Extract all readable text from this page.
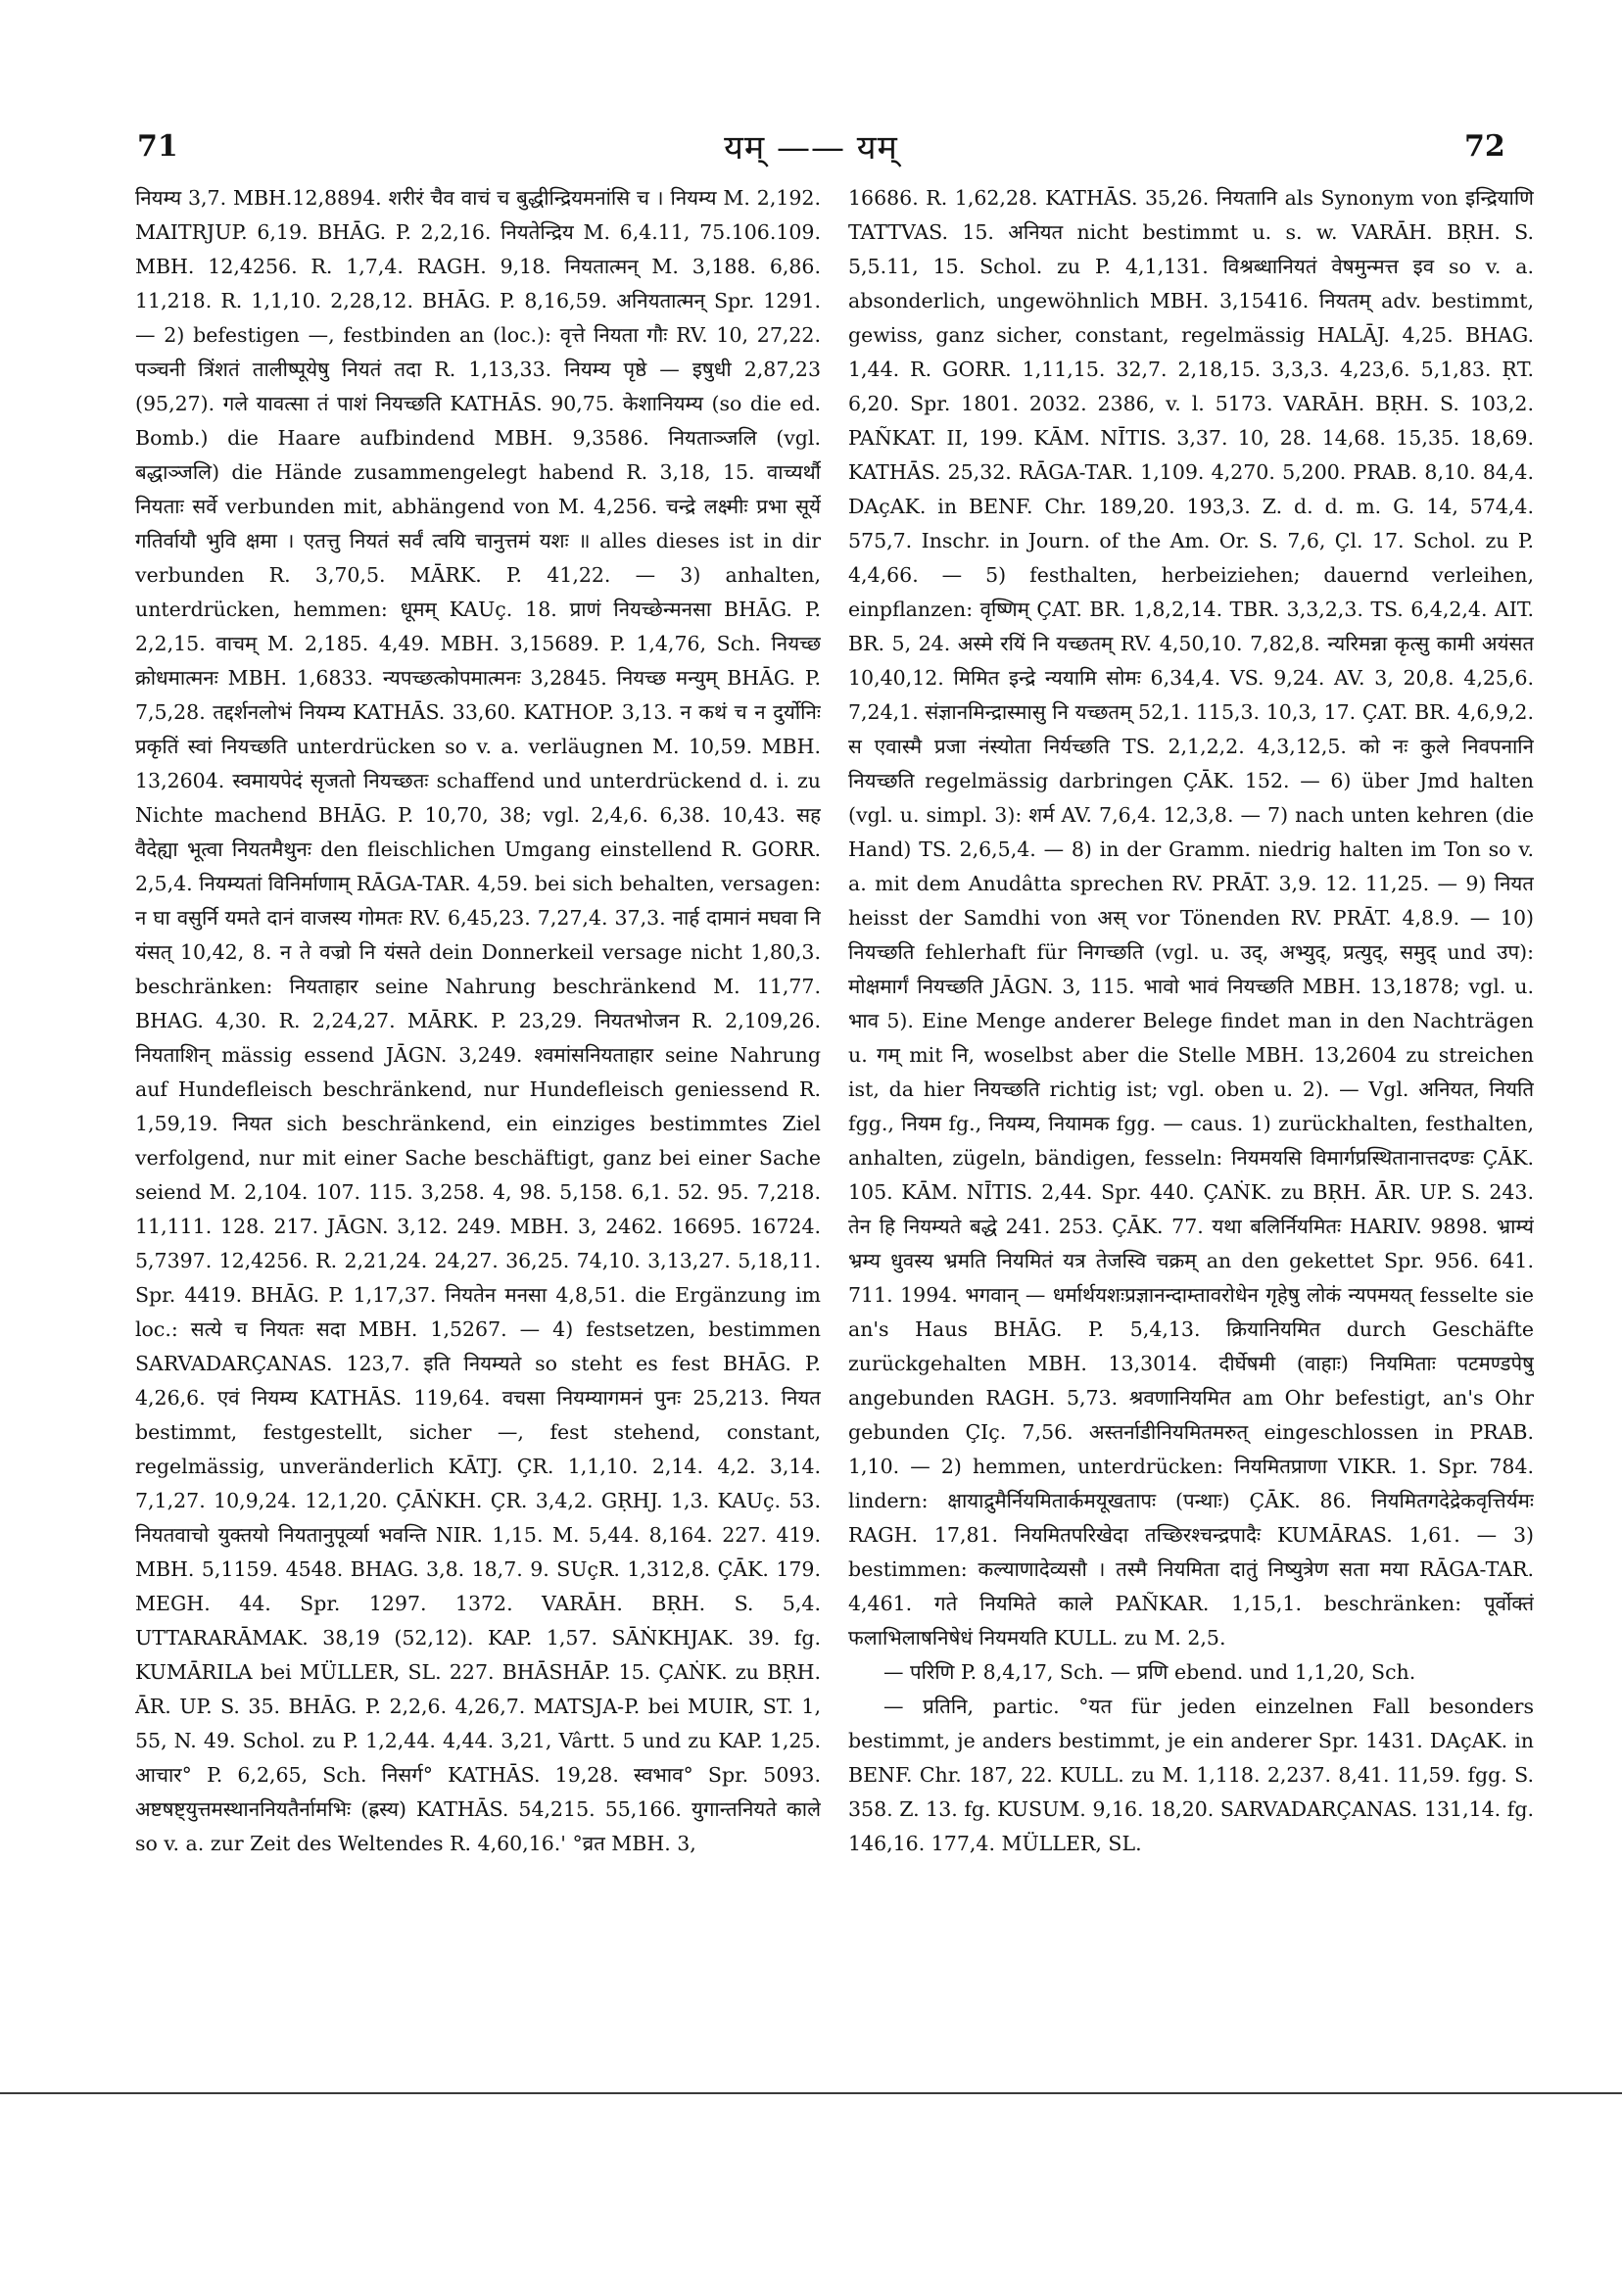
71	यम् —— यम्	72

नियम्य 3,7. MBH.12,8894. शरीरं चैव वाचं च बुद्धीन्द्रियमनांसि च । नियम्य M. 2,192. MAITRJUP. 6,19. BHĀG. P. 2,2,16. नियतेन्द्रिय M. 6,4.11, 75.106.109. MBH. 12,4256. R. 1,7,4. RAGH. 9,18. नियतात्मन् M. 3,188. 6,86. 11,218. R. 1,1,10. 2,28,12. BHĀG. P. 8,16,59. अनियतात्मन् Spr. 1291. — 2) befestigen —, festbinden an (loc.): वृत्ते नियता गौः RV. 10, 27,22. पञ्चनी त्रिंशतं तालीष्पूयेषु नियतं तदा R. 1,13,33. नियम्य पृष्ठे — इषुधी 2,87,23 (95,27). गले यावत्सा तं पाशं नियच्छति KATHĀS. 90,75. केशानियम्य (so die ed. Bomb.) die Haare aufbindend MBH. 9,3586. नियताञ्जलि (vgl. बद्धाञ्जलि) die Hände zusammengelegt habend R. 3,18, 15. वाच्यर्थौ नियताः सर्वे verbunden mit, abhängend von M. 4,256. चन्द्रे लक्ष्मीः प्रभा सूर्ये गतिर्वायौ भुवि क्षमा । एतत्तु नियतं सर्वं त्वयि चानुत्तमं यशः ॥ alles dieses ist in dir verbunden R. 3,70,5. MĀRK. P. 41,22. — 3) anhalten, unterdrücken, hemmen: धूमम् KAUç. 18. प्राणं नियच्छेन्मनसा BHĀG. P. 2,2,15. वाचम् M. 2,185. 4,49. MBH. 3,15689. P. 1,4,76, Sch. नियच्छ क्रोधमात्मनः MBH. 1,6833. न्यपच्छत्कोपमात्मनः 3,2845. नियच्छ मन्युम् BHĀG. P. 7,5,28. तद्दर्शनलोभं नियम्य KATHĀS. 33,60. KATHOP. 3,13. न कथं च न दुर्योनिः प्रकृतिं स्वां नियच्छति unterdrücken so v. a. verläugnen M. 10,59. MBH. 13,2604. स्वमायपेदं सृजतो नियच्छतः schaffend und unterdrückend d. i. zu Nichte machend BHĀG. P. 10,70, 38; vgl. 2,4,6. 6,38. 10,43. सह वैदेह्या भूत्वा नियतमैथुनः den fleischlichen Umgang einstellend R. GORR. 2,5,4. नियम्यतां विनिर्माणाम् RĀGA-TAR. 4,59. bei sich behalten, versagen: न घा वसुर्नि यमते दानं वाजस्य गोमतः RV. 6,45,23. 7,27,4. 37,3. नार्ह दामानं मघवा नि यंसत् 10,42, 8. न ते वज्रो नि यंसते dein Donnerkeil versage nicht 1,80,3. beschränken: नियताहार seine Nahrung beschränkend M. 11,77. BHAG. 4,30. R. 2,24,27. MĀRK. P. 23,29. नियतभोजन R. 2,109,26. नियताशिन् mässig essend JĀGN. 3,249. श्वमांसनियताहार seine Nahrung auf Hundefleisch beschränkend, nur Hundefleisch geniessend R. 1,59,19. नियत sich beschränkend, ein einziges bestimmtes Ziel verfolgend, nur mit einer Sache beschäftigt, ganz bei einer Sache seiend M. 2,104. 107. 115. 3,258. 4, 98. 5,158. 6,1. 52. 95. 7,218. 11,111. 128. 217. JĀGN. 3,12. 249. MBH. 3, 2462. 16695. 16724. 5,7397. 12,4256. R. 2,21,24. 24,27. 36,25. 74,10. 3,13,27. 5,18,11. Spr. 4419. BHĀG. P. 1,17,37. नियतेन मनसा 4,8,51. die Ergänzung im loc.: सत्ये च नियतः सदा MBH. 1,5267. — 4) festsetzen, bestimmen SARVADARÇANAS. 123,7. इति नियम्यते so steht es fest BHĀG. P. 4,26,6. एवं नियम्य KATHĀS. 119,64. वचसा नियम्यागमनं पुनः 25,213. नियत bestimmt, festgestellt, sicher —, fest stehend, constant, regelmässig, unveränderlich KĀTJ. ÇR. 1,1,10. 2,14. 4,2. 3,14. 7,1,27. 10,9,24. 12,1,20. ÇĀṄKH. ÇR. 3,4,2. GṚHJ. 1,3. KAUç. 53. नियतवाचो युक्तयो नियतानुपूर्व्या भवन्ति NIR. 1,15. M. 5,44. 8,164. 227. 419. MBH. 5,1159. 4548. BHAG. 3,8. 18,7. 9. SUçR. 1,312,8. ÇĀK. 179. MEGH. 44. Spr. 1297. 1372. VARĀH. BṚH. S. 5,4. UTTARARĀMAK. 38,19 (52,12). KAP. 1,57. SĀṄKHJAK. 39. fg. KUMĀRILA bei MÜLLER, SL. 227. BHĀSHĀP. 15. ÇAṄK. zu BṚH. ĀR. UP. S. 35. BHĀG. P. 2,2,6. 4,26,7. MATSJA-P. bei MUIR, ST. 1, 55, N. 49. Schol. zu P. 1,2,44. 4,44. 3,21, Vârtt. 5 und zu KAP. 1,25. आचार° P. 6,2,65, Sch. निसर्ग° KATHĀS. 19,28. स्वभाव° Spr. 5093. अष्टषष्ट्युत्तमस्थाननियतैर्नामभिः (ह्रस्य) KATHĀS. 54,215. 55,166. युगान्तनियते काले so v. a. zur Zeit des Weltendes R. 4,60,16.' °व्रत MBH. 3,

16686. R. 1,62,28. KATHĀS. 35,26. नियतानि als Synonym von इन्द्रियाणि TATTVAS. 15. अनियत nicht bestimmt u. s. w. VARĀH. BṚH. S. 5,5.11, 15. Schol. zu P. 4,1,131. विश्रब्धानियतं वेषमुन्मत्त इव so v. a. absonderlich, ungewöhnlich MBH. 3,15416. नियतम् adv. bestimmt, gewiss, ganz sicher, constant, regelmässig HALĀJ. 4,25. BHAG. 1,44. R. GORR. 1,11,15. 32,7. 2,18,15. 3,3,3. 4,23,6. 5,1,83. ṚT. 6,20. Spr. 1801. 2032. 2386, v. l. 5173. VARĀH. BṚH. S. 103,2. PAÑKAT. II, 199. KĀM. NĪTIS. 3,37. 10, 28. 14,68. 15,35. 18,69. KATHĀS. 25,32. RĀGA-TAR. 1,109. 4,270. 5,200. PRAB. 8,10. 84,4. DAçAK. in BENF. Chr. 189,20. 193,3. Z. d. d. m. G. 14, 574,4. 575,7. Inschr. in Journ. of the Am. Or. S. 7,6, Çl. 17. Schol. zu P. 4,4,66. — 5) festhalten, herbeiziehen; dauernd verleihen, einpflanzen: वृष्णिम् ÇAT. BR. 1,8,2,14. TBR. 3,3,2,3. TS. 6,4,2,4. AIT. BR. 5, 24. अस्मे रयिं नि यच्छतम् RV. 4,50,10. 7,82,8. न्यरिमन्ना कृत्सु कामी अयंसत 10,40,12. मिमित इन्द्रे न्ययामि सोमः 6,34,4. VS. 9,24. AV. 3, 20,8. 4,25,6. 7,24,1. संज्ञानमिन्द्रास्मासु नि यच्छतम् 52,1. 115,3. 10,3, 17. ÇAT. BR. 4,6,9,2. स एवास्मै प्रजा नंस्योता निर्यच्छति TS. 2,1,2,2. 4,3,12,5. को नः कुले निवपनानि नियच्छति regelmässig darbringen ÇĀK. 152. — 6) über Jmd halten (vgl. u. simpl. 3): शर्म AV. 7,6,4. 12,3,8. — 7) nach unten kehren (die Hand) TS. 2,6,5,4. — 8) in der Gramm. niedrig halten im Ton so v. a. mit dem Anudâtta sprechen RV. PRĀT. 3,9. 12. 11,25. — 9) नियत heisst der Samdhi von अस् vor Tönenden RV. PRĀT. 4,8.9. — 10) नियच्छति fehlerhaft für निगच्छति (vgl. u. उद्, अभ्युद्, प्रत्युद्, समुद् und उप): मोक्षमार्गं नियच्छति JĀGN. 3, 115. भावो भावं नियच्छति MBH. 13,1878; vgl. u. भाव 5). Eine Menge anderer Belege findet man in den Nachträgen u. गम् mit नि, woselbst aber die Stelle MBH. 13,2604 zu streichen ist, da hier नियच्छति richtig ist; vgl. oben u. 2). — Vgl. अनियत, नियति fgg., नियम fg., नियम्य, नियामक fgg. — caus. 1) zurückhalten, festhalten, anhalten, zügeln, bändigen, fesseln: नियमयसि विमार्गप्रस्थितानात्तदण्डः ÇĀK. 105. KĀM. NĪTIS. 2,44. Spr. 440. ÇAṄK. zu BṚH. ĀR. UP. S. 243. तेन हि नियम्यते बद्धे 241. 253. ÇĀK. 77. यथा बलिर्नियमितः HARIV. 9898. भ्राम्यं भ्रम्य धुवस्य भ्रमति नियमितं यत्र तेजस्वि चक्रम् an den gekettet Spr. 956. 641. 711. 1994. भगवान् — धर्मार्थयशःप्रज्ञानन्दाम्तावरोधेन गृहेषु लोकं न्यपमयत् fesselte sie an's Haus BHĀG. P. 5,4,13. क्रियानियमित durch Geschäfte zurückgehalten MBH. 13,3014. दीर्घेषमी (वाहाः) नियमिताः पटमण्डपेषु angebunden RAGH. 5,73. श्रवणानियमित am Ohr befestigt, an's Ohr gebunden ÇIç. 7,56. अस्तर्नाडीनियमितमरुत् eingeschlossen in PRAB. 1,10. — 2) hemmen, unterdrücken: नियमितप्राणा VIKR. 1. Spr. 784. lindern: क्षायाद्रुमैर्नियमितार्कमयूखतापः (पन्थाः) ÇĀK. 86. नियमितगदेद्रेकवृत्तिर्यमः RAGH. 17,81. नियमितपरिखेदा तच्छिरश्चन्द्रपादैः KUMĀRAS. 1,61. — 3) bestimmen: कल्याणादेव्यसौ । तस्मै नियमिता दातुं निष्युत्रेण सता मया RĀGA-TAR. 4,461. गते नियमिते काले PAÑKAR. 1,15,1. beschränken: पूर्वोक्तं फलाभिलाषनिषेधं नियमयति KULL. zu M. 2,5.

— परिणि P. 8,4,17, Sch. — प्रणि ebend. und 1,1,20, Sch.

— प्रतिनि, partic. °यत für jeden einzelnen Fall besonders bestimmt, je anders bestimmt, je ein anderer Spr. 1431. DAçAK. in BENF. Chr. 187, 22. KULL. zu M. 1,118. 2,237. 8,41. 11,59. fgg. S. 358. Z. 13. fg. KUSUM. 9,16. 18,20. SARVADARÇANAS. 131,14. fg. 146,16. 177,4. MÜLLER, SL.
